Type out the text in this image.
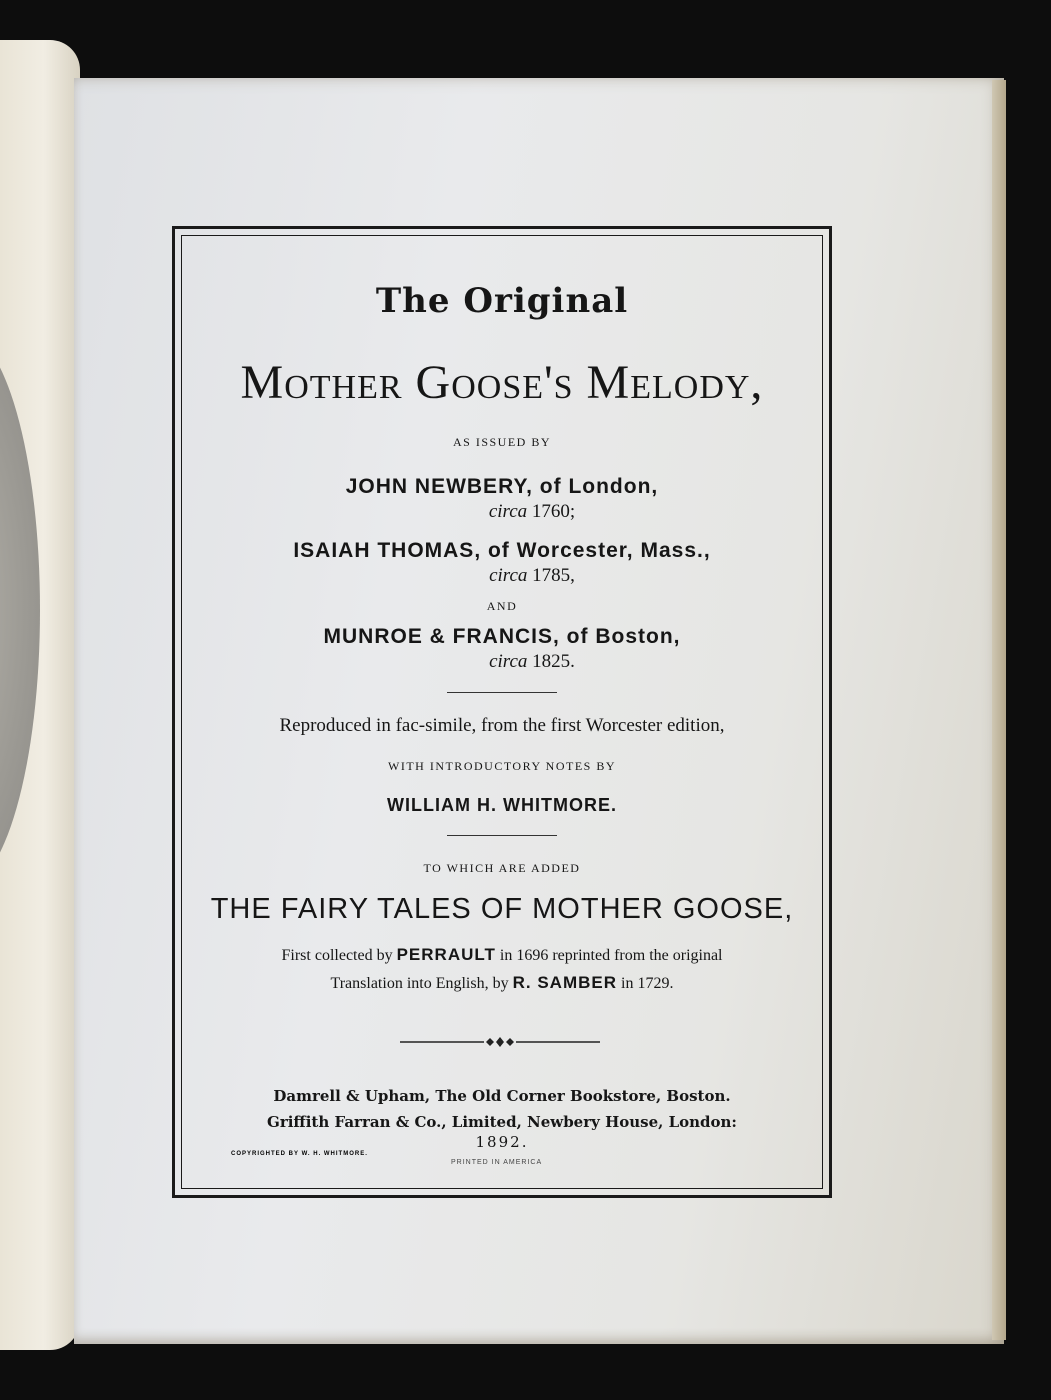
The Original
Mother Goose's Melody,
AS ISSUED BY
JOHN NEWBERY, of London,
circa 1760;
ISAIAH THOMAS, of Worcester, Mass.,
circa 1785,
AND
MUNROE & FRANCIS, of Boston,
circa 1825.
Reproduced in fac-simile, from the first Worcester edition,
WITH INTRODUCTORY NOTES BY
WILLIAM H. WHITMORE.
TO WHICH ARE ADDED
THE FAIRY TALES OF MOTHER GOOSE,
First collected by PERRAULT in 1696 reprinted from the original
Translation into English, by R. SAMBER in 1729.
Damrell & Upham, The Old Corner Bookstore, Boston.
Griffith Farran & Co., Limited, Newbery House, London:
1892.
COPYRIGHTED BY W. H. WHITMORE.
PRINTED IN AMERICA
